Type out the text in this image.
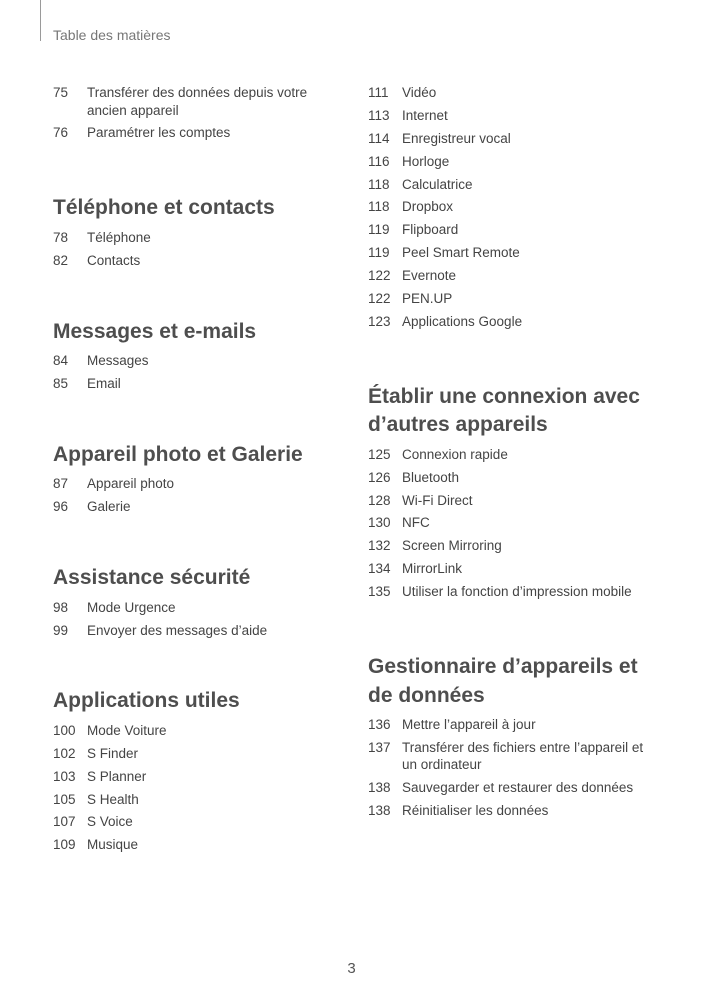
Table des matières
75	Transférer des données depuis votre ancien appareil
76	Paramétrer les comptes
Téléphone et contacts
78	Téléphone
82	Contacts
Messages et e-mails
84	Messages
85	Email
Appareil photo et Galerie
87	Appareil photo
96	Galerie
Assistance sécurité
98	Mode Urgence
99	Envoyer des messages d’aide
Applications utiles
100 Mode Voiture
102 S Finder
103 S Planner
105 S Health
107 S Voice
109 Musique
111 Vidéo
113 Internet
114 Enregistreur vocal
116 Horloge
118 Calculatrice
118 Dropbox
119 Flipboard
119 Peel Smart Remote
122 Evernote
122 PEN.UP
123 Applications Google
Établir une connexion avec d’autres appareils
125 Connexion rapide
126 Bluetooth
128 Wi-Fi Direct
130 NFC
132 Screen Mirroring
134 MirrorLink
135 Utiliser la fonction d’impression mobile
Gestionnaire d’appareils et de données
136 Mettre l’appareil à jour
137 Transférer des fichiers entre l’appareil et un ordinateur
138 Sauvegarder et restaurer des données
138 Réinitialiser les données
3
